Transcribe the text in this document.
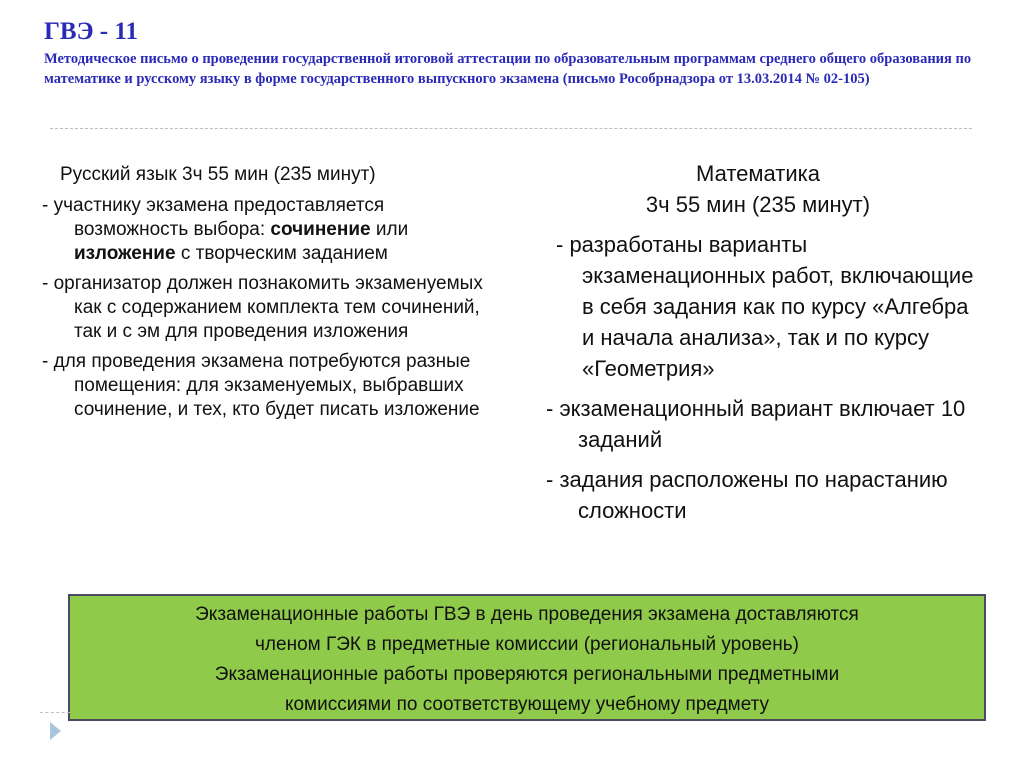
ГВЭ - 11
Методическое письмо о проведении государственной итоговой аттестации по образовательным программам среднего общего образования по математике и русскому языку в форме государственного выпускного экзамена (письмо Рособрнадзора от 13.03.2014 № 02-105)
Русский язык 3ч 55 мин (235 минут)
- участнику экзамена предоставляется возможность выбора: сочинение или изложение с творческим заданием
- организатор должен познакомить экзаменуемых как с содержанием комплекта тем сочинений, так и с эм для проведения изложения
- для проведения экзамена потребуются разные помещения: для экзаменуемых, выбравших сочинение, и тех, кто будет писать изложение
Математика
3ч 55 мин (235 минут)
- разработаны варианты экзаменационных работ, включающие в себя задания как по курсу «Алгебра и начала анализа», так и по курсу «Геометрия»
- экзаменационный вариант включает 10 заданий
- задания расположены по нарастанию сложности
Экзаменационные работы ГВЭ в день проведения экзамена доставляются
членом ГЭК в предметные комиссии (региональный уровень)
Экзаменационные работы проверяются региональными предметными
комиссиями по соответствующему учебному предмету
